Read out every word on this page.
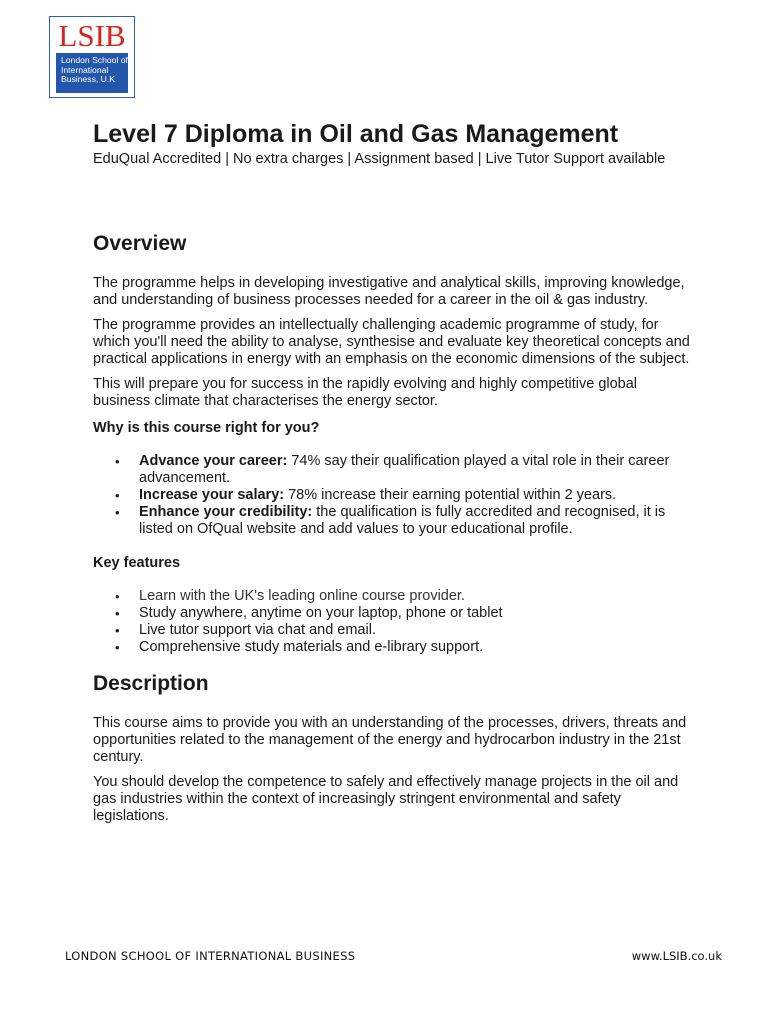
LSIB
London School of
International
Business, U.K
Level 7 Diploma in Oil and Gas Management
EduQual Accredited | No extra charges | Assignment based | Live Tutor Support available
Overview

The programme helps in developing investigative and analytical skills, improving knowledge, and understanding of business processes needed for a career in the oil & gas industry.

The programme provides an intellectually challenging academic programme of study, for which you'll need the ability to analyse, synthesise and evaluate key theoretical concepts and practical applications in energy with an emphasis on the economic dimensions of the subject.

This will prepare you for success in the rapidly evolving and highly competitive global business climate that characterises the energy sector.

Why is this course right for you?
• Advance your career: 74% say their qualification played a vital role in their career advancement.
• Increase your salary: 78% increase their earning potential within 2 years.
• Enhance your credibility: the qualification is fully accredited and recognised, it is listed on OfQual website and add values to your educational profile.
Key features
• Learn with the UK's leading online course provider.
• Study anywhere, anytime on your laptop, phone or tablet
• Live tutor support via chat and email.
• Comprehensive study materials and e-library support.
Description

This course aims to provide you with an understanding of the processes, drivers, threats and opportunities related to the management of the energy and hydrocarbon industry in the 21st century.

You should develop the competence to safely and effectively manage projects in the oil and gas industries within the context of increasingly stringent environmental and safety legislations.

LONDON SCHOOL OF INTERNATIONAL BUSINESS	www.LSIB.co.uk
